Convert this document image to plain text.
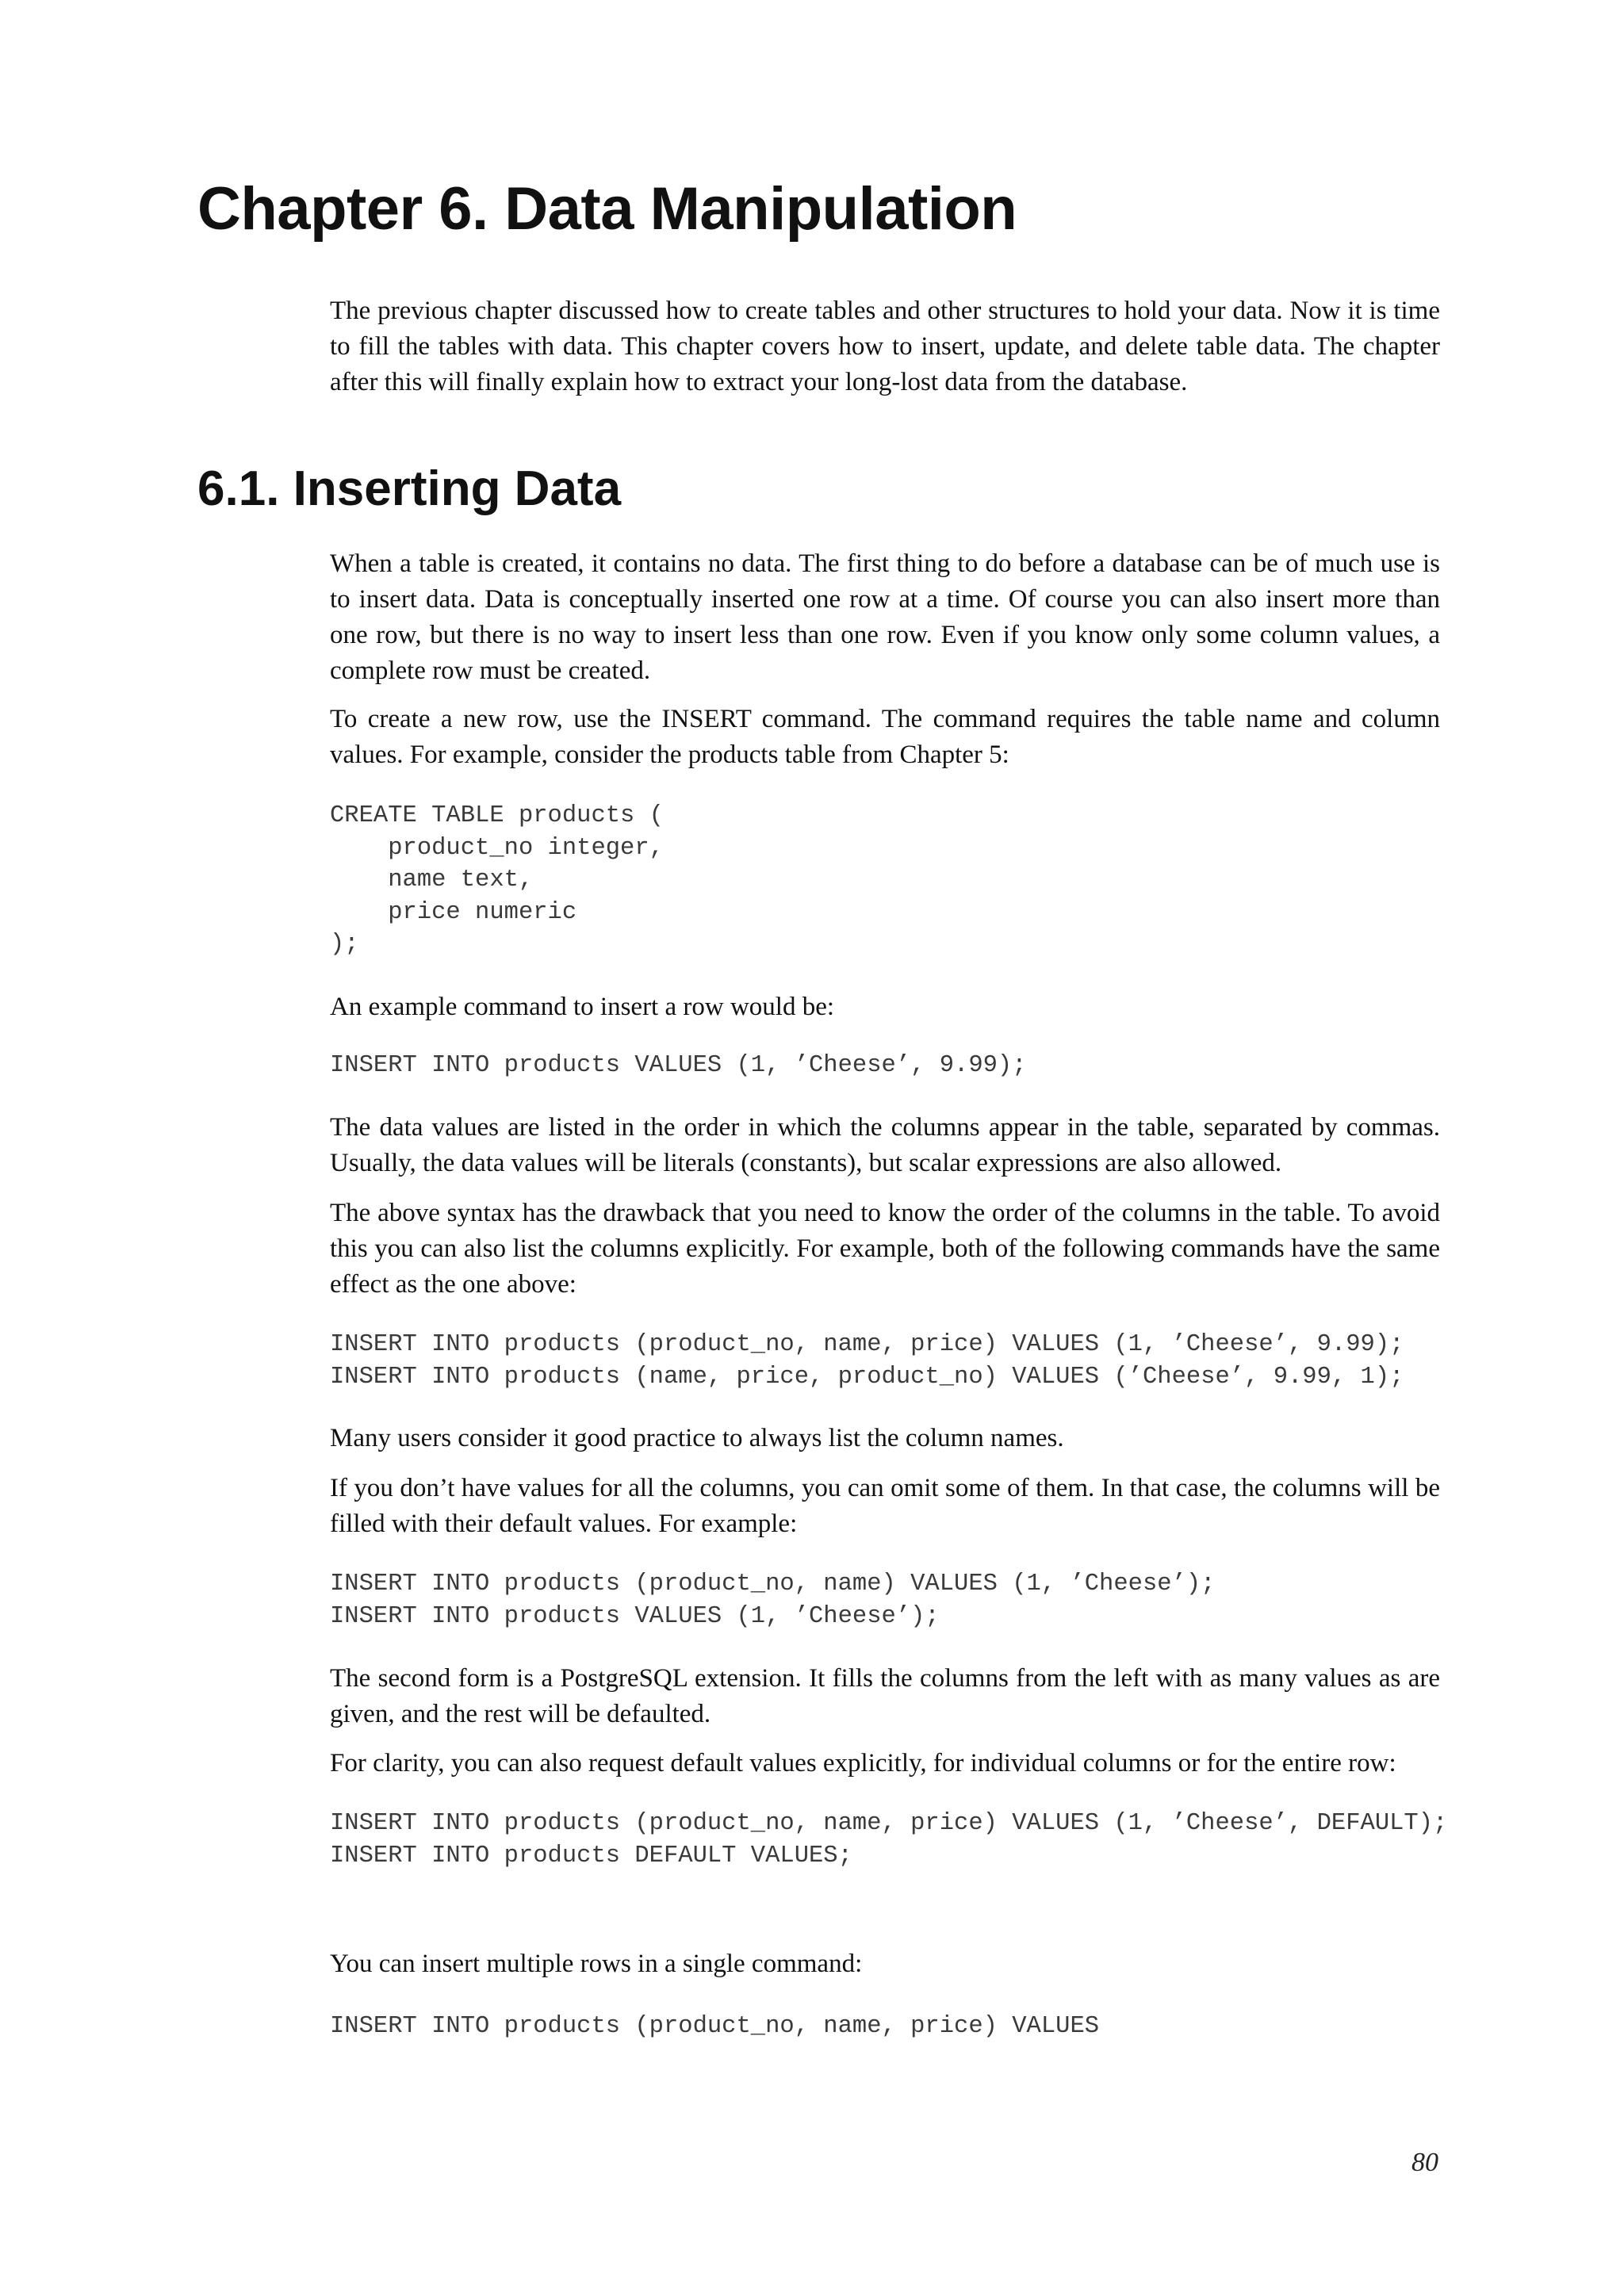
Chapter 6. Data Manipulation

The previous chapter discussed how to create tables and other structures to hold your data. Now it is time to fill the tables with data. This chapter covers how to insert, update, and delete table data. The chapter after this will finally explain how to extract your long-lost data from the database.

6.1. Inserting Data

When a table is created, it contains no data. The first thing to do before a database can be of much use is to insert data. Data is conceptually inserted one row at a time. Of course you can also insert more than one row, but there is no way to insert less than one row. Even if you know only some column values, a complete row must be created.

To create a new row, use the INSERT command. The command requires the table name and column values. For example, consider the products table from Chapter 5:

CREATE TABLE products (
product_no integer,
name text,
price numeric
);

An example command to insert a row would be:

INSERT INTO products VALUES (1, ’Cheese’, 9.99);

The data values are listed in the order in which the columns appear in the table, separated by commas. Usually, the data values will be literals (constants), but scalar expressions are also allowed.

The above syntax has the drawback that you need to know the order of the columns in the table. To avoid this you can also list the columns explicitly. For example, both of the following commands have the same effect as the one above:

INSERT INTO products (product_no, name, price) VALUES (1, ’Cheese’, 9.99);
INSERT INTO products (name, price, product_no) VALUES (’Cheese’, 9.99, 1);

Many users consider it good practice to always list the column names.

If you don’t have values for all the columns, you can omit some of them. In that case, the columns will be filled with their default values. For example:

INSERT INTO products (product_no, name) VALUES (1, ’Cheese’);
INSERT INTO products VALUES (1, ’Cheese’);

The second form is a PostgreSQL extension. It fills the columns from the left with as many values as are given, and the rest will be defaulted.

For clarity, you can also request default values explicitly, for individual columns or for the entire row:

INSERT INTO products (product_no, name, price) VALUES (1, ’Cheese’, DEFAULT);
INSERT INTO products DEFAULT VALUES;

You can insert multiple rows in a single command:

INSERT INTO products (product_no, name, price) VALUES
80
